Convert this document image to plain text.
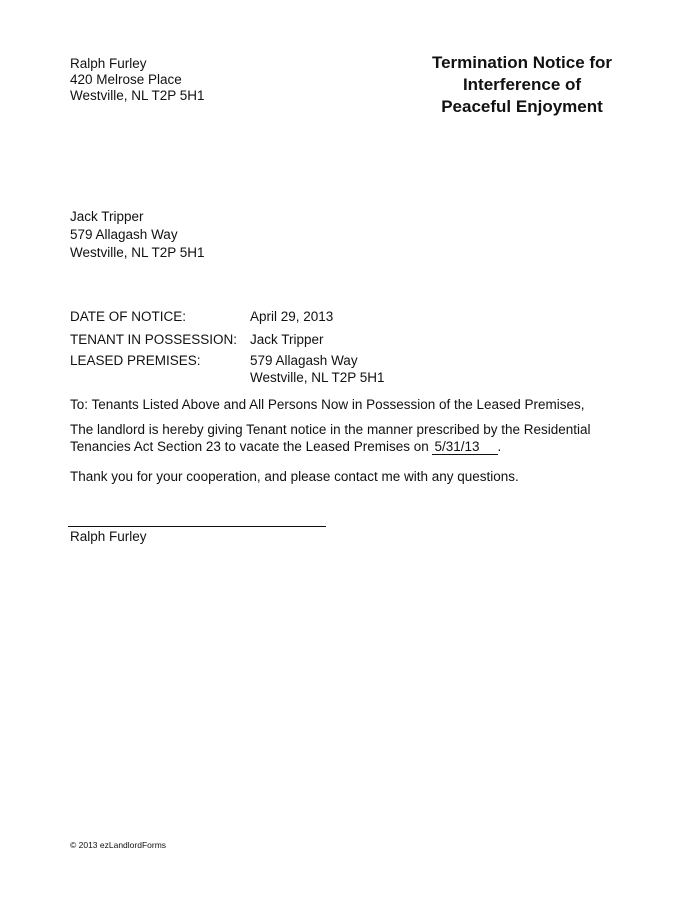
Ralph Furley
420 Melrose Place
Westville, NL T2P 5H1
Termination Notice for
Interference of
Peaceful Enjoyment
Jack Tripper
579 Allagash Way
Westville, NL T2P 5H1
DATE OF NOTICE:	April 29, 2013
TENANT IN POSSESSION: Jack Tripper
LEASED PREMISES:	579 Allagash Way
Westville, NL T2P 5H1
To: Tenants Listed Above and All Persons Now in Possession of the Leased Premises,
The landlord is hereby giving Tenant notice in the manner prescribed by the Residential
Tenancies Act Section 23 to vacate the Leased Premises on 5/31/13 .
Thank you for your cooperation, and please contact me with any questions.
Ralph Furley
© 2013 ezLandlordForms
